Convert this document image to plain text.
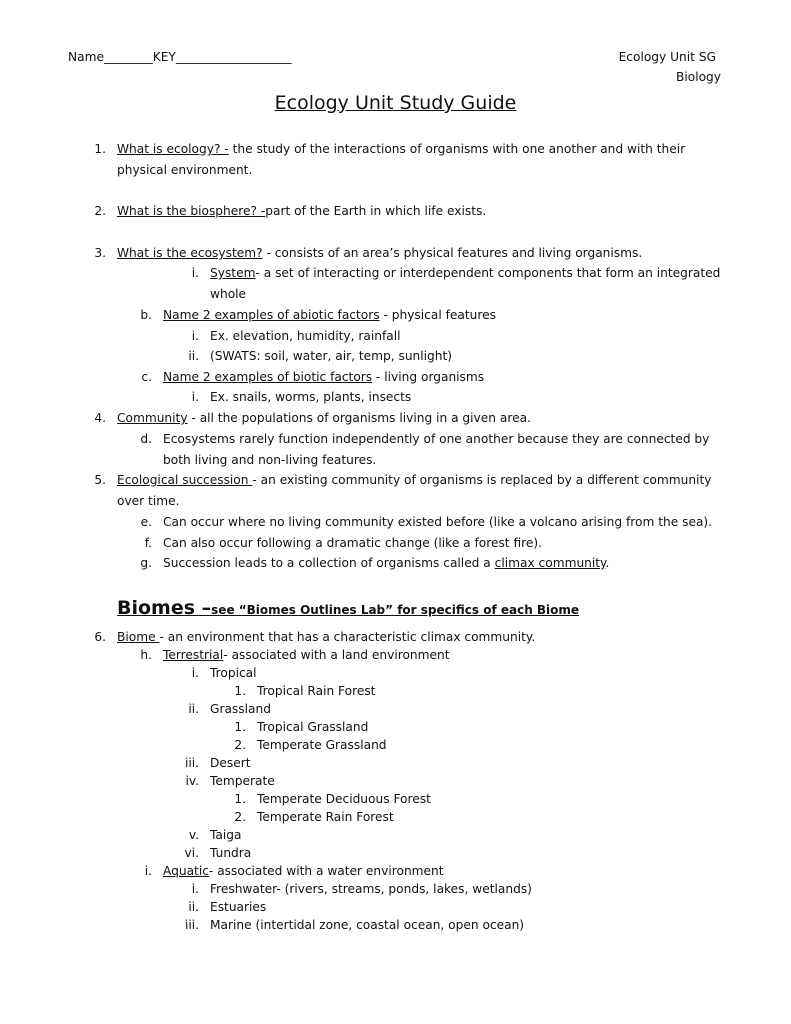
Name________KEY___________________	Ecology Unit SG
Biology
Ecology Unit Study Guide
1. What is ecology? - the study of the interactions of organisms with one another and with their
physical environment.
2. What is the biosphere? -part of the Earth in which life exists.
3. What is the ecosystem? - consists of an area’s physical features and living organisms.
i. System- a set of interacting or interdependent components that form an integrated
whole
b. Name 2 examples of abiotic factors - physical features
i. Ex. elevation, humidity, rainfall
ii. (SWATS: soil, water, air, temp, sunlight)
c. Name 2 examples of biotic factors - living organisms
i. Ex. snails, worms, plants, insects
4. Community - all the populations of organisms living in a given area.
d. Ecosystems rarely function independently of one another because they are connected by
both living and non-living features.
5. Ecological succession - an existing community of organisms is replaced by a different community
over time.
e. Can occur where no living community existed before (like a volcano arising from the sea).
f. Can also occur following a dramatic change (like a forest fire).
g. Succession leads to a collection of organisms called a climax community.
Biomes –see “Biomes Outlines Lab” for specifics of each Biome
6. Biome - an environment that has a characteristic climax community.
h. Terrestrial- associated with a land environment
i. Tropical
1. Tropical Rain Forest
ii. Grassland
1. Tropical Grassland
2. Temperate Grassland
iii. Desert
iv. Temperate
1. Temperate Deciduous Forest
2. Temperate Rain Forest
v. Taiga
vi. Tundra
i. Aquatic- associated with a water environment
i. Freshwater- (rivers, streams, ponds, lakes, wetlands)
ii. Estuaries
iii. Marine (intertidal zone, coastal ocean, open ocean)
